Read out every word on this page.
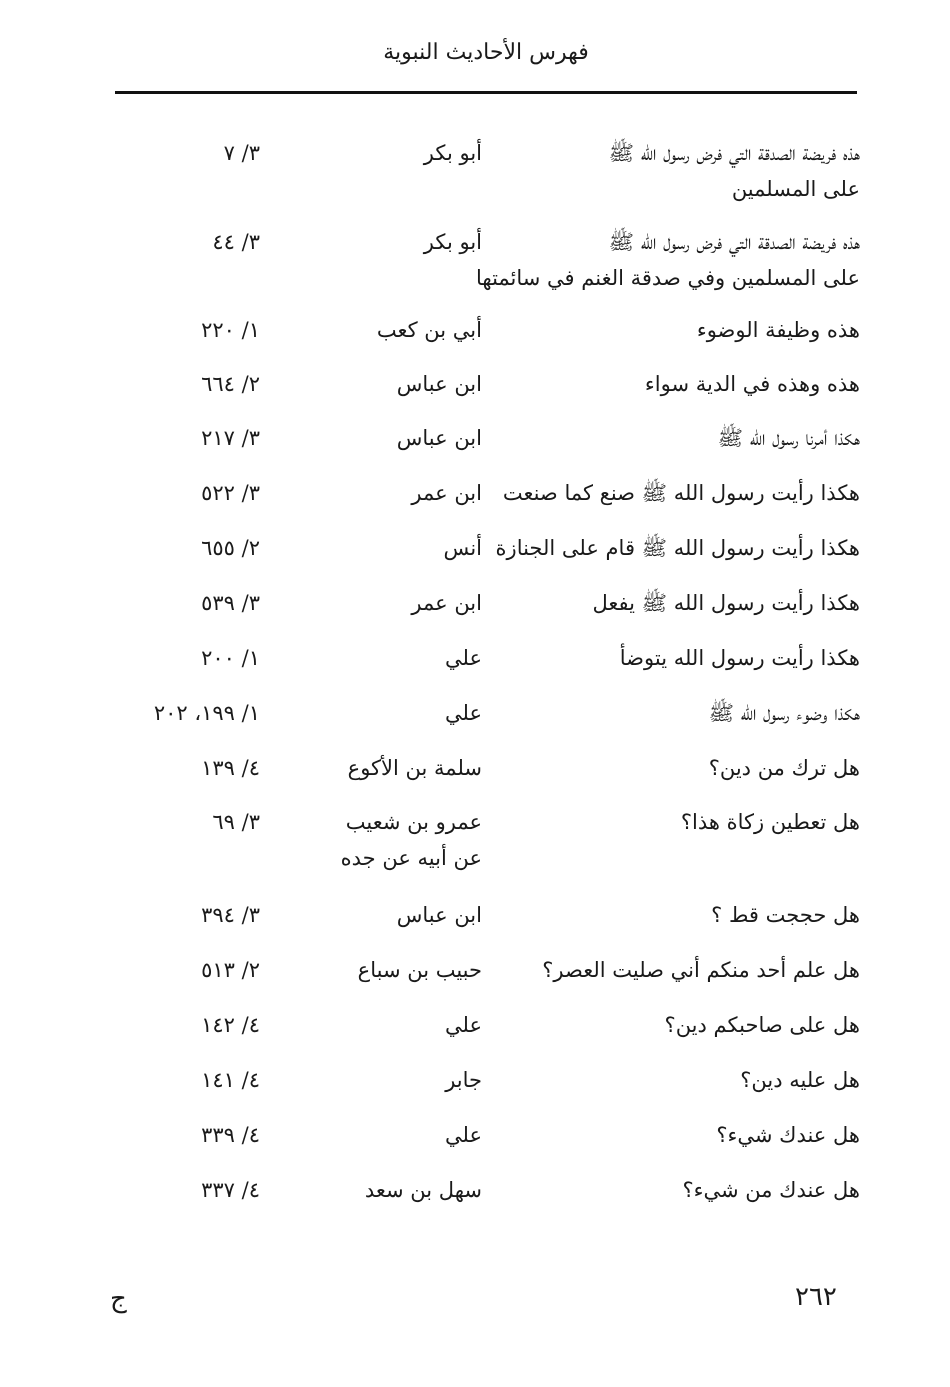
فهرس الأحاديث النبوية
هذه فريضة الصدقة التي فرض رسول الله ﷺ
على المسلمين
أبو بكر
٣/ ٧
هذه فريضة الصدقة التي فرض رسول الله ﷺ
على المسلمين وفي صدقة الغنم في سائمتها
أبو بكر
٣/ ٤٤
هذه وظيفة الوضوء
أبي بن كعب
١/ ٢٢٠
هذه وهذه في الدية سواء
ابن عباس
٢/ ٦٦٤
هكذا أمرنا رسول الله ﷺ
ابن عباس
٣/ ٢١٧
هكذا رأيت رسول الله ﷺ صنع كما صنعت
ابن عمر
٣/ ٥٢٢
هكذا رأيت رسول الله ﷺ قام على الجنازة
أنس
٢/ ٦٥٥
هكذا رأيت رسول الله ﷺ يفعل
ابن عمر
٣/ ٥٣٩
هكذا رأيت رسول الله يتوضأ
علي
١/ ٢٠٠
هكذا وضوء رسول الله ﷺ
علي
١/ ١٩٩، ٢٠٢
هل ترك من دين؟
سلمة بن الأكوع
٤/ ١٣٩
هل تعطين زكاة هذا؟
عمرو بن شعيب
عن أبيه عن جده
٣/ ٦٩
هل حججت قط ؟
ابن عباس
٣/ ٣٩٤
هل علم أحد منكم أني صليت العصر؟
حبيب بن سباع
٢/ ٥١٣
هل على صاحبكم دين؟
علي
٤/ ١٤٢
هل عليه دين؟
جابر
٤/ ١٤١
هل عندك شيء؟
علي
٤/ ٣٣٩
هل عندك من شيء؟
سهل بن سعد
٤/ ٣٣٧
٢٦٢
ج
